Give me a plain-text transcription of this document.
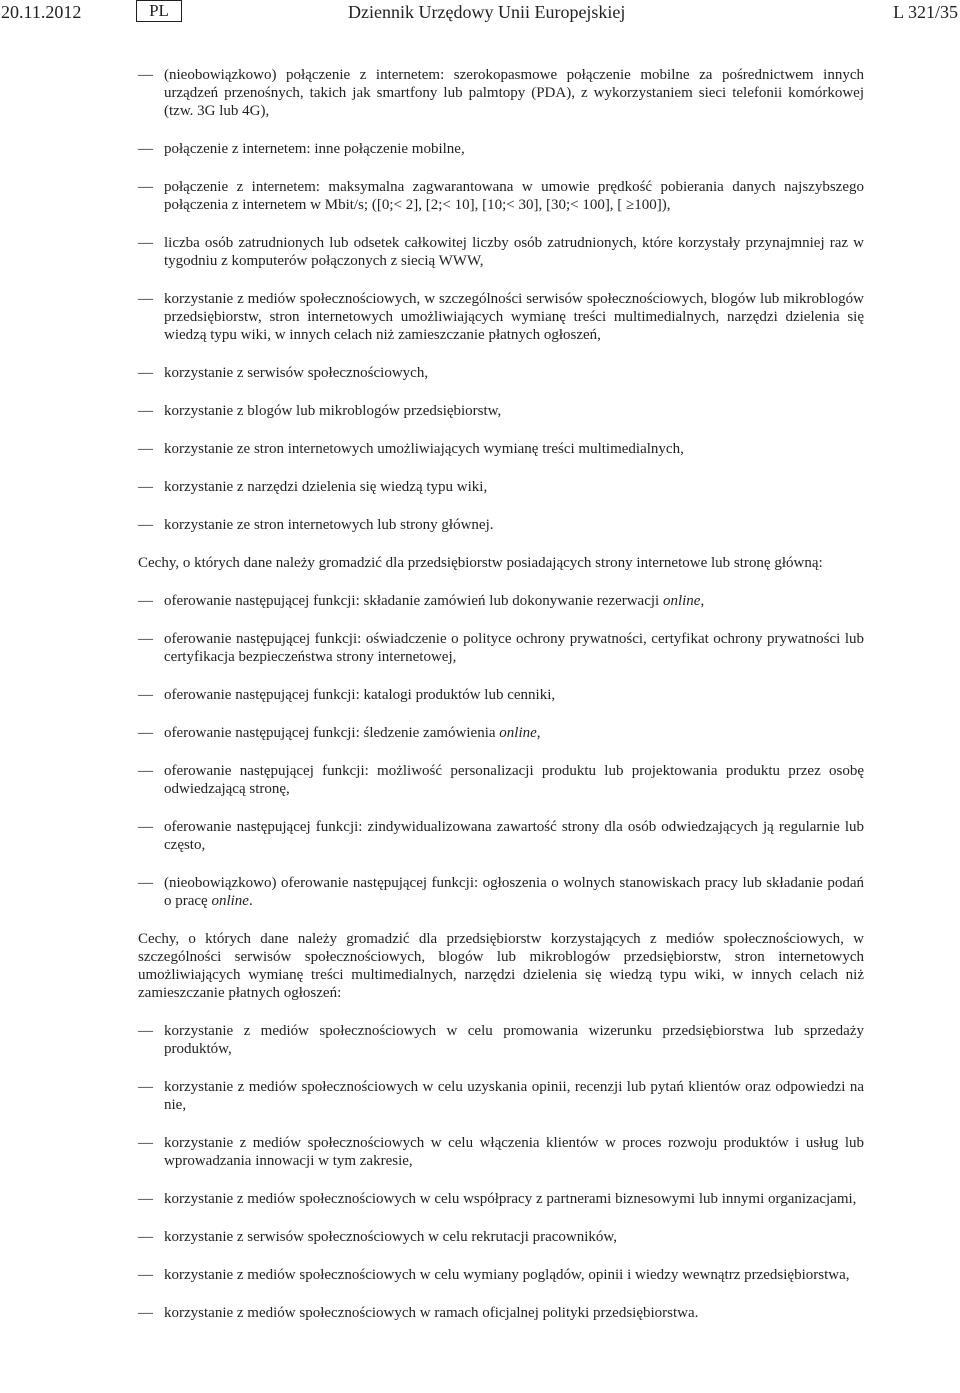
20.11.2012	PL	Dziennik Urzędowy Unii Europejskiej	L 321/35
— (nieobowiązkowo) połączenie z internetem: szerokopasmowe połączenie mobilne za pośrednictwem innych urządzeń przenośnych, takich jak smartfony lub palmtopy (PDA), z wykorzystaniem sieci telefonii komórkowej (tzw. 3G lub 4G),
— połączenie z internetem: inne połączenie mobilne,
— połączenie z internetem: maksymalna zagwarantowana w umowie prędkość pobierania danych najszybszego połączenia z internetem w Mbit/s; ([0;< 2], [2;< 10], [10;< 30], [30;< 100], [ ≥100]),
— liczba osób zatrudnionych lub odsetek całkowitej liczby osób zatrudnionych, które korzystały przynajmniej raz w tygodniu z komputerów połączonych z siecią WWW,
— korzystanie z mediów społecznościowych, w szczególności serwisów społecznościowych, blogów lub mikroblogów przedsiębiorstw, stron internetowych umożliwiających wymianę treści multimedialnych, narzędzi dzielenia się wiedzą typu wiki, w innych celach niż zamieszczanie płatnych ogłoszeń,
— korzystanie z serwisów społecznościowych,
— korzystanie z blogów lub mikroblogów przedsiębiorstw,
— korzystanie ze stron internetowych umożliwiających wymianę treści multimedialnych,
— korzystanie z narzędzi dzielenia się wiedzą typu wiki,
— korzystanie ze stron internetowych lub strony głównej.
Cechy, o których dane należy gromadzić dla przedsiębiorstw posiadających strony internetowe lub stronę główną:
— oferowanie następującej funkcji: składanie zamówień lub dokonywanie rezerwacji online,
— oferowanie następującej funkcji: oświadczenie o polityce ochrony prywatności, certyfikat ochrony prywatności lub certyfikacja bezpieczeństwa strony internetowej,
— oferowanie następującej funkcji: katalogi produktów lub cenniki,
— oferowanie następującej funkcji: śledzenie zamówienia online,
— oferowanie następującej funkcji: możliwość personalizacji produktu lub projektowania produktu przez osobę odwiedzającą stronę,
— oferowanie następującej funkcji: zindywidualizowana zawartość strony dla osób odwiedzających ją regularnie lub często,
— (nieobowiązkowo) oferowanie następującej funkcji: ogłoszenia o wolnych stanowiskach pracy lub składanie podań o pracę online.
Cechy, o których dane należy gromadzić dla przedsiębiorstw korzystających z mediów społecznościowych, w szczególności serwisów społecznościowych, blogów lub mikroblogów przedsiębiorstw, stron internetowych umożliwiających wymianę treści multimedialnych, narzędzi dzielenia się wiedzą typu wiki, w innych celach niż zamieszczanie płatnych ogłoszeń:
— korzystanie z mediów społecznościowych w celu promowania wizerunku przedsiębiorstwa lub sprzedaży produktów,
— korzystanie z mediów społecznościowych w celu uzyskania opinii, recenzji lub pytań klientów oraz odpowiedzi na nie,
— korzystanie z mediów społecznościowych w celu włączenia klientów w proces rozwoju produktów i usług lub wprowadzania innowacji w tym zakresie,
— korzystanie z mediów społecznościowych w celu współpracy z partnerami biznesowymi lub innymi organizacjami,
— korzystanie z serwisów społecznościowych w celu rekrutacji pracowników,
— korzystanie z mediów społecznościowych w celu wymiany poglądów, opinii i wiedzy wewnątrz przedsiębiorstwa,
— korzystanie z mediów społecznościowych w ramach oficjalnej polityki przedsiębiorstwa.
